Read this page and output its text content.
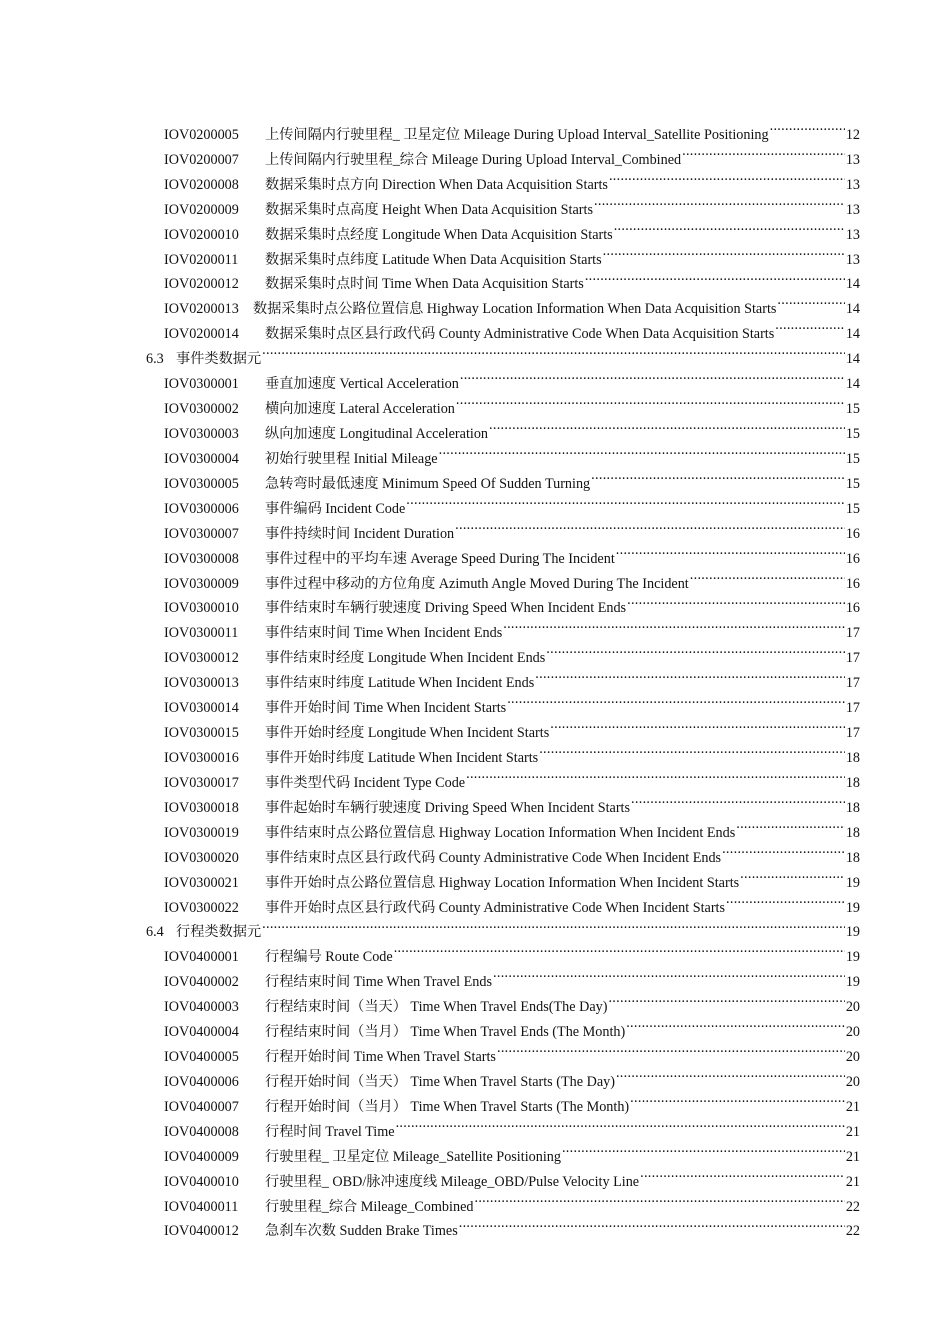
IOV0200005	上传间隔内行驶里程_ 卫星定位 Mileage During Upload Interval_Satellite Positioning .....	12
IOV0200007	上传间隔内行驶里程_综合 Mileage During Upload Interval_Combined .....	13
IOV0200008	数据采集时点方向 Direction When Data Acquisition Starts .....	13
IOV0200009	数据采集时点高度 Height When Data Acquisition Starts .....	13
IOV0200010	数据采集时点经度 Longitude When Data Acquisition Starts .....	13
IOV0200011	数据采集时点纬度 Latitude When Data Acquisition Starts .....	13
IOV0200012	数据采集时点时间 Time When Data Acquisition Starts .....	14
IOV0200013 数据采集时点公路位置信息 Highway Location Information When Data Acquisition Starts .....	14
IOV0200014	数据采集时点区县行政代码 County Administrative Code When Data Acquisition Starts .....	14
6.3 事件类数据元 .....	14
IOV0300001	垂直加速度 Vertical Acceleration .....	14
IOV0300002	横向加速度 Lateral Acceleration .....	15
IOV0300003	纵向加速度 Longitudinal Acceleration .....	15
IOV0300004	初始行驶里程 Initial Mileage .....	15
IOV0300005	急转弯时最低速度 Minimum Speed Of Sudden Turning .....	15
IOV0300006	事件编码 Incident Code .....	15
IOV0300007	事件持续时间 Incident Duration .....	16
IOV0300008	事件过程中的平均车速 Average Speed During The Incident .....	16
IOV0300009	事件过程中移动的方位角度 Azimuth Angle Moved During The Incident .....	16
IOV0300010	事件结束时车辆行驶速度 Driving Speed When Incident Ends .....	16
IOV0300011	事件结束时间 Time When Incident Ends .....	17
IOV0300012	事件结束时经度 Longitude When Incident Ends .....	17
IOV0300013	事件结束时纬度 Latitude When Incident Ends .....	17
IOV0300014	事件开始时间 Time When Incident Starts .....	17
IOV0300015	事件开始时经度 Longitude When Incident Starts .....	17
IOV0300016	事件开始时纬度 Latitude When Incident Starts .....	18
IOV0300017	事件类型代码 Incident Type Code .....	18
IOV0300018	事件起始时车辆行驶速度 Driving Speed When Incident Starts .....	18
IOV0300019	事件结束时点公路位置信息 Highway Location Information When Incident Ends .....	18
IOV0300020	事件结束时点区县行政代码 County Administrative Code When Incident Ends .....	18
IOV0300021	事件开始时点公路位置信息 Highway Location Information When Incident Starts .....	19
IOV0300022	事件开始时点区县行政代码 County Administrative Code When Incident Starts .....	19
6.4 行程类数据元 .....	19
IOV0400001	行程编号 Route Code .....	19
IOV0400002	行程结束时间 Time When Travel Ends .....	19
IOV0400003	行程结束时间（当天） Time When Travel Ends(The Day) .....	20
IOV0400004	行程结束时间（当月） Time When Travel Ends (The Month) .....	20
IOV0400005	行程开始时间 Time When Travel Starts .....	20
IOV0400006	行程开始时间（当天） Time When Travel Starts (The Day) .....	20
IOV0400007	行程开始时间（当月） Time When Travel Starts (The Month) .....	21
IOV0400008	行程时间 Travel Time .....	21
IOV0400009	行驶里程_ 卫星定位 Mileage_Satellite Positioning .....	21
IOV0400010	行驶里程_ OBD/脉冲速度线 Mileage_OBD/Pulse Velocity Line .....	21
IOV0400011	行驶里程_综合 Mileage_Combined .....	22
IOV0400012	急刹车次数 Sudden Brake Times .....	22
